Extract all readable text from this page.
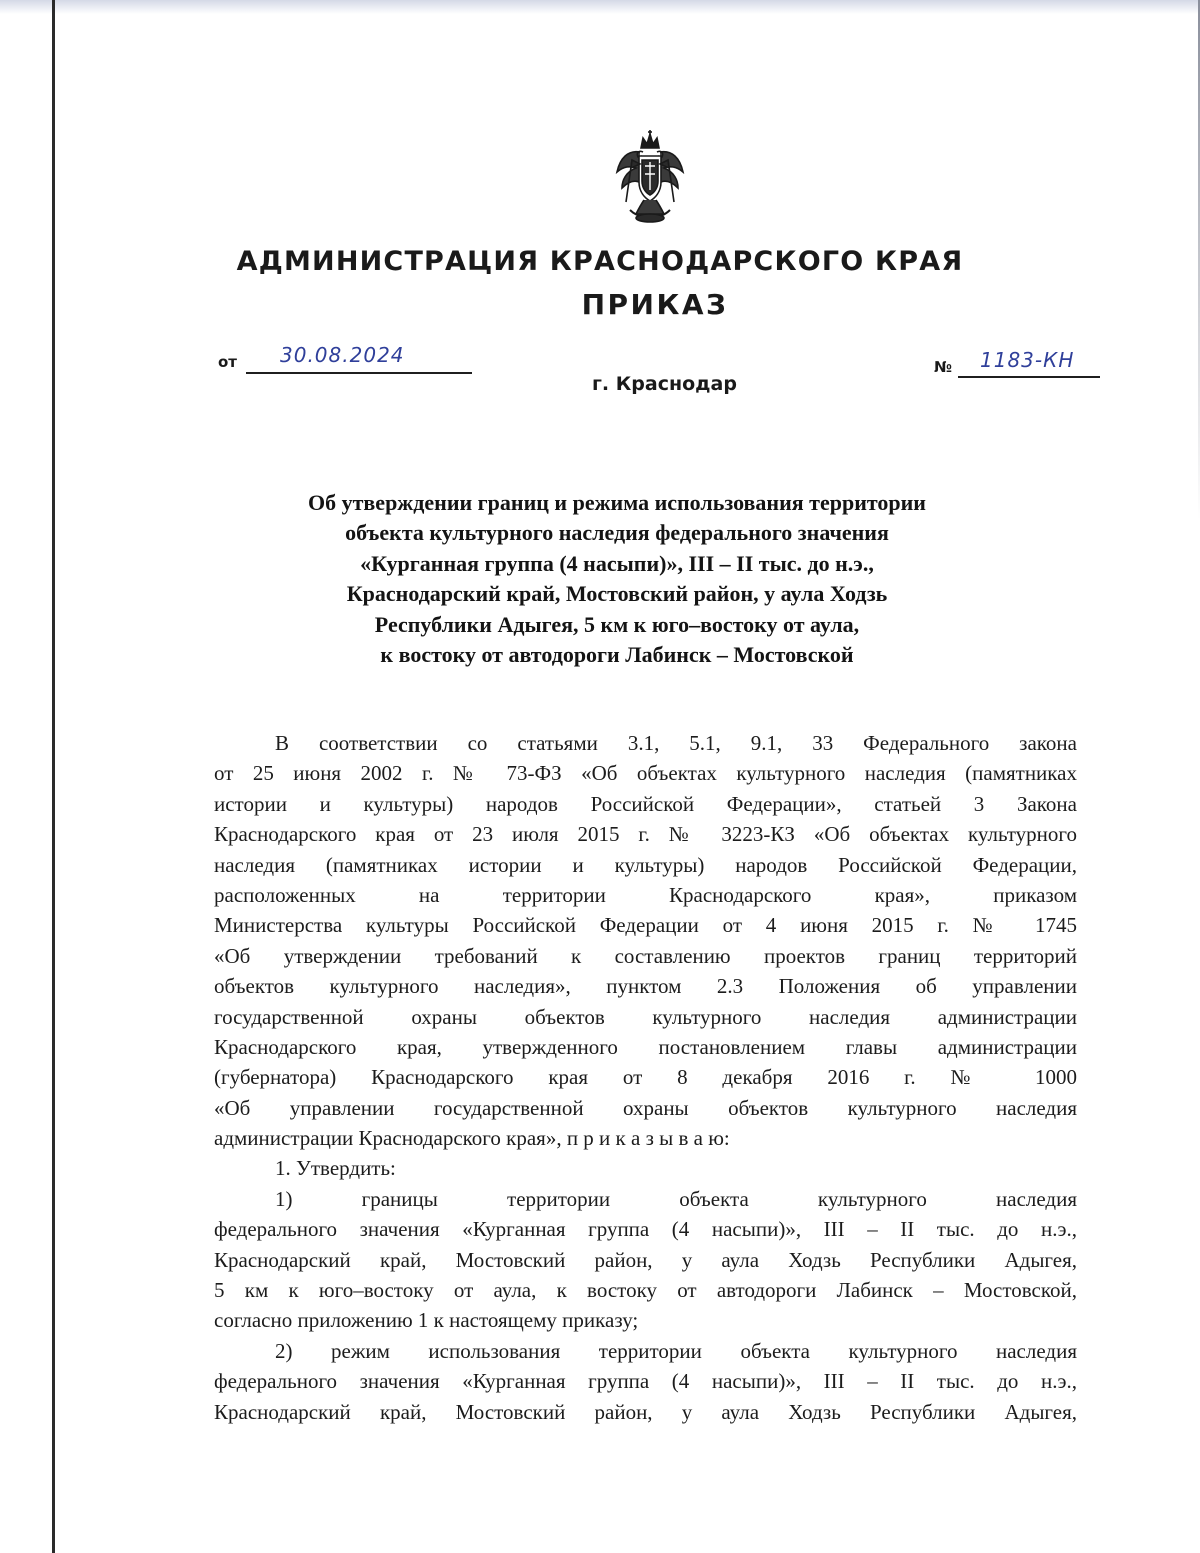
АДМИНИСТРАЦИЯ КРАСНОДАРСКОГО КРАЯ
ПРИКАЗ
от 30.08.2024

г. Краснодар

№ 1183-КН
Об утверждении границ и режима использования территории
объекта культурного наследия федерального значения
«Курганная группа (4 насыпи)», III – II тыс. до н.э.,
Краснодарский край, Мостовский район, у аула Ходзь
Республики Адыгея, 5 км к юго–востоку от аула,
к востоку от автодороги Лабинск – Мостовской
В соответствии со статьями 3.1, 5.1, 9.1, 33 Федерального закона
от 25 июня 2002 г. № 73-ФЗ «Об объектах культурного наследия (памятниках
истории и культуры) народов Российской Федерации», статьей 3 Закона
Краснодарского края от 23 июля 2015 г. № 3223-КЗ «Об объектах культурного
наследия (памятниках истории и культуры) народов Российской Федерации,
расположенных на территории Краснодарского края», приказом
Министерства культуры Российской Федерации от 4 июня 2015 г. № 1745
«Об утверждении требований к составлению проектов границ территорий
объектов культурного наследия», пунктом 2.3 Положения об управлении
государственной охраны объектов культурного наследия администрации
Краснодарского края, утвержденного постановлением главы администрации
(губернатора) Краснодарского края от 8 декабря 2016 г. № 1000
«Об управлении государственной охраны объектов культурного наследия
администрации Краснодарского края», п р и к а з ы в а ю:
1. Утвердить:
1) границы территории объекта культурного наследия
федерального значения «Курганная группа (4 насыпи)», III – II тыс. до н.э.,
Краснодарский край, Мостовский район, у аула Ходзь Республики Адыгея,
5 км к юго–востоку от аула, к востоку от автодороги Лабинск – Мостовской,
согласно приложению 1 к настоящему приказу;
2) режим использования территории объекта культурного наследия
федерального значения «Курганная группа (4 насыпи)», III – II тыс. до н.э.,
Краснодарский край, Мостовский район, у аула Ходзь Республики Адыгея,
